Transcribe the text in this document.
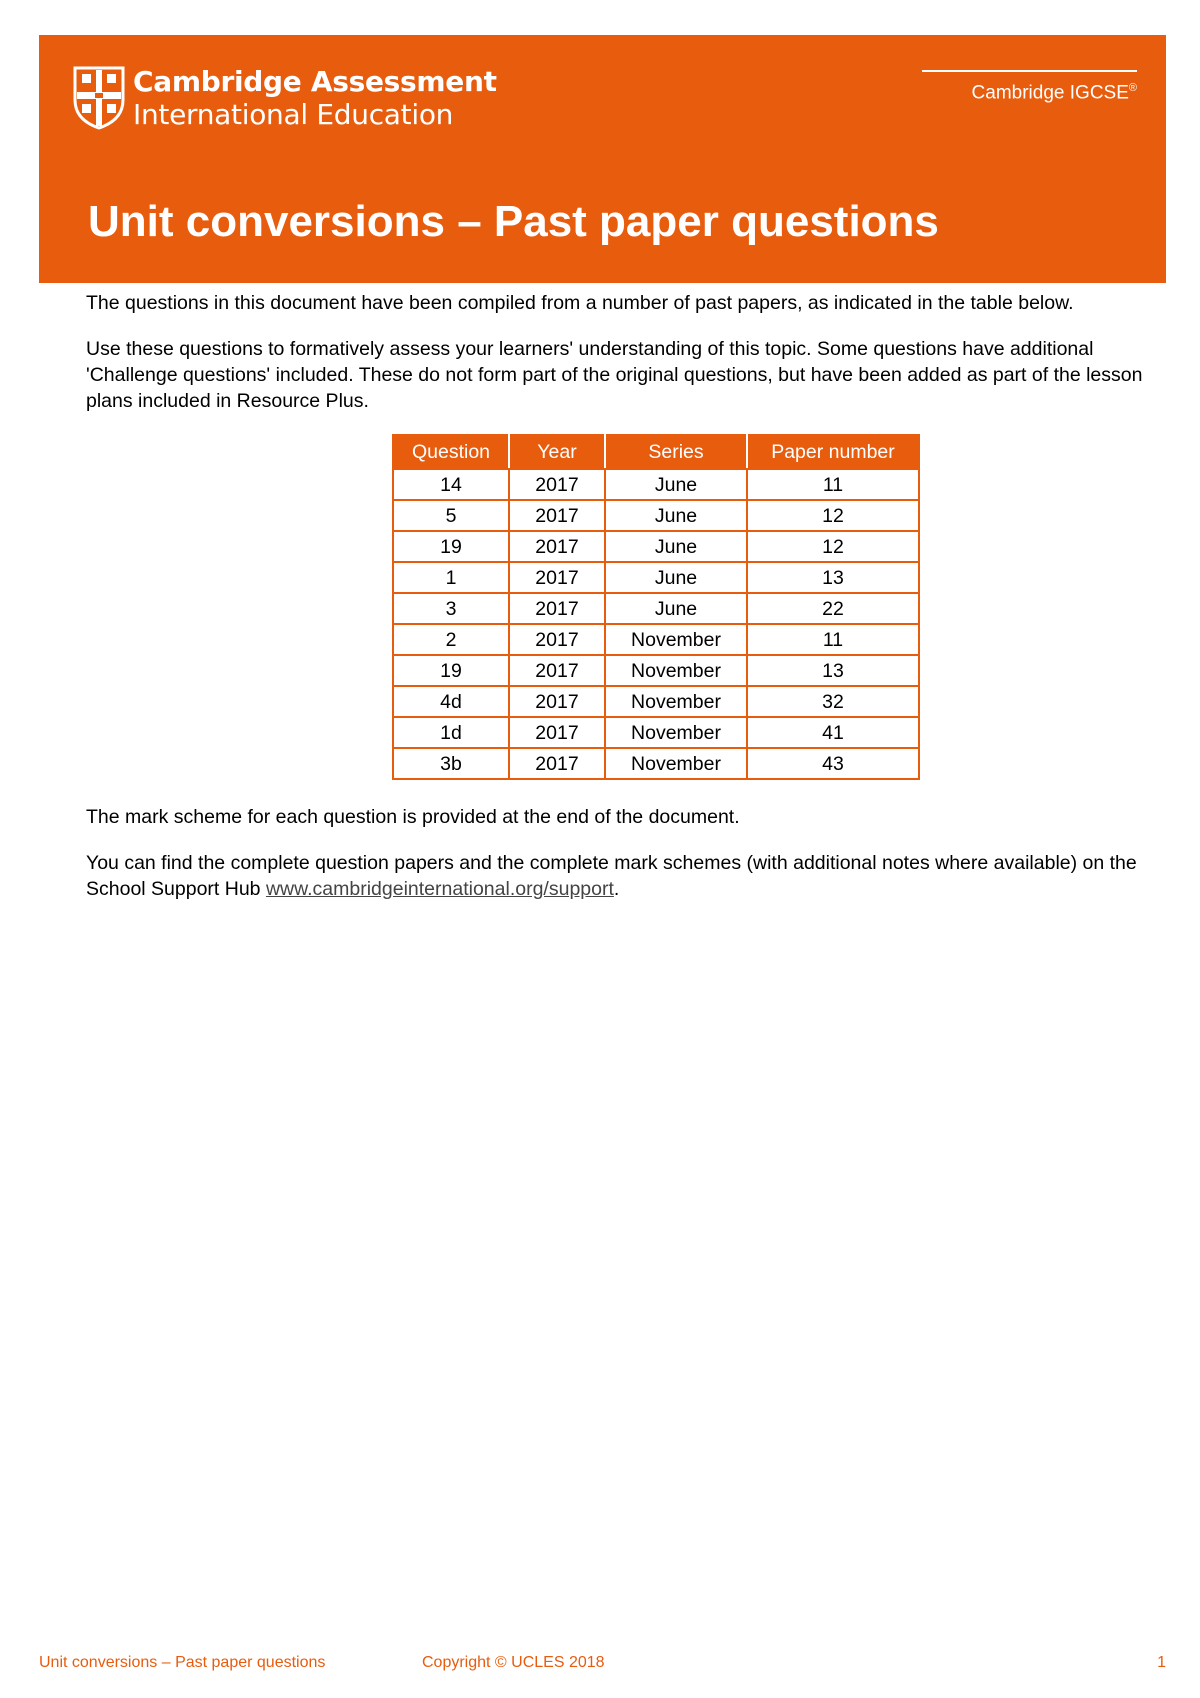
Cambridge Assessment
International Education
Cambridge IGCSE®
Unit conversions – Past paper questions

The questions in this document have been compiled from a number of past papers, as indicated in the table below.

Use these questions to formatively assess your learners' understanding of this topic. Some questions have additional 'Challenge questions' included. These do not form part of the original questions, but have been added as part of the lesson plans included in Resource Plus.

Question	Year	Series	Paper number
14	2017	June	11
5	2017	June	12
19	2017	June	12
1	2017	June	13
3	2017	June	22
2	2017	November	11
19	2017	November	13
4d	2017	November	32
1d	2017	November	41
3b	2017	November	43

The mark scheme for each question is provided at the end of the document.

You can find the complete question papers and the complete mark schemes (with additional notes where available) on the School Support Hub www.cambridgeinternational.org/support.

Unit conversions – Past paper questions	Copyright © UCLES 2018	1
